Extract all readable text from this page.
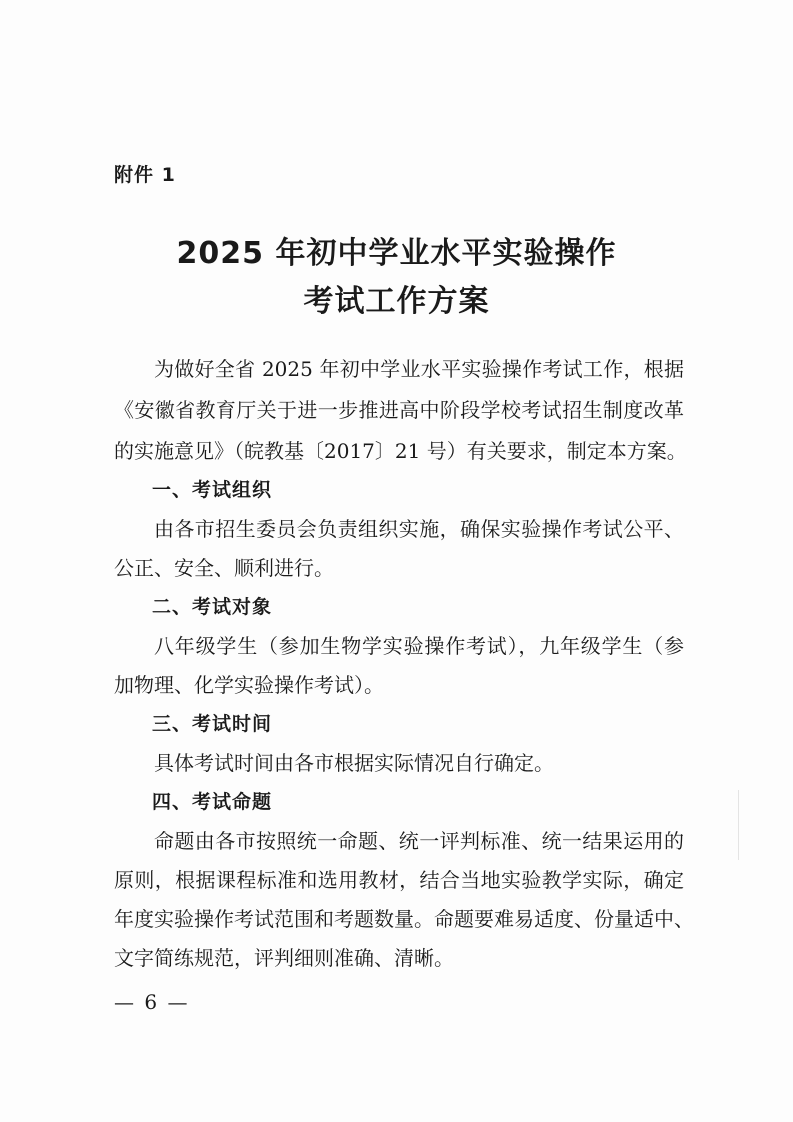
附件 1
2025 年初中学业水平实验操作
考试工作方案
为做好全省 2025 年初中学业水平实验操作考试工作，根据
《安徽省教育厅关于进一步推进高中阶段学校考试招生制度改革
的实施意见》（皖教基〔2017〕21 号）有关要求，制定本方案。
一、考试组织
由各市招生委员会负责组织实施，确保实验操作考试公平、
公正、安全、顺利进行。
二、考试对象
八年级学生（参加生物学实验操作考试），九年级学生（参
加物理、化学实验操作考试）。
三、考试时间
具体考试时间由各市根据实际情况自行确定。
四、考试命题
命题由各市按照统一命题、统一评判标准、统一结果运用的
原则，根据课程标准和选用教材，结合当地实验教学实际，确定
年度实验操作考试范围和考题数量。命题要难易适度、份量适中、
文字简练规范，评判细则准确、清晰。
— 6 —
